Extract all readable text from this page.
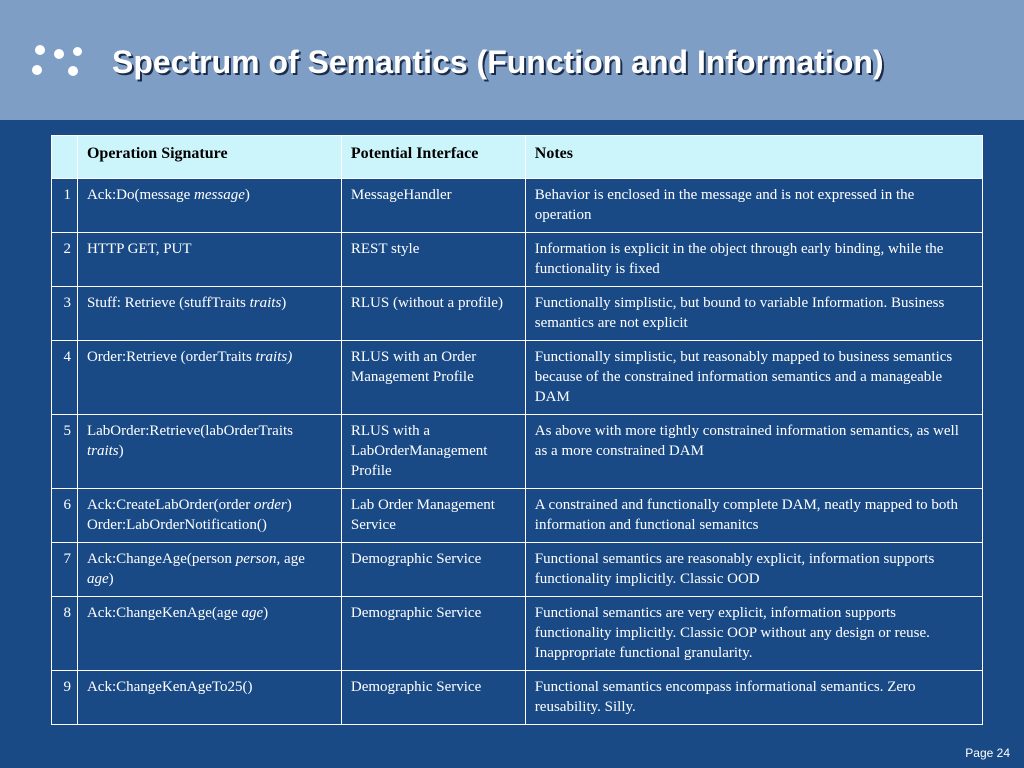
Spectrum of Semantics (Function and Information)
	Operation Signature	Potential Interface	Notes
1	Ack:Do(message message)	MessageHandler	Behavior is enclosed in the message and is not expressed in the operation
2	HTTP GET, PUT	REST style	Information is explicit in the object through early binding, while the functionality is fixed
3	Stuff: Retrieve (stuffTraits traits)	RLUS (without a profile)	Functionally simplistic, but bound to variable Information. Business semantics are not explicit
4	Order:Retrieve (orderTraits traits)	RLUS with an Order Management Profile	Functionally simplistic, but reasonably mapped to business semantics because of the constrained information semantics and a manageable DAM
5	LabOrder:Retrieve(labOrderTraits traits)	RLUS with a LabOrderManagement Profile	As above with more tightly constrained information semantics, as well as a more constrained DAM
6	Ack:CreateLabOrder(order order) Order:LabOrderNotification()	Lab Order Management Service	A constrained and functionally complete DAM, neatly mapped to both information and functional semanitcs
7	Ack:ChangeAge(person person, age age)	Demographic Service	Functional semantics are reasonably explicit, information supports functionality implicitly. Classic OOD
8	Ack:ChangeKenAge(age age)	Demographic Service	Functional semantics are very explicit, information supports functionality implicitly. Classic OOP without any design or reuse. Inappropriate functional granularity.
9	Ack:ChangeKenAgeTo25()	Demographic Service	Functional semantics encompass informational semantics. Zero reusability. Silly.
Page 24
